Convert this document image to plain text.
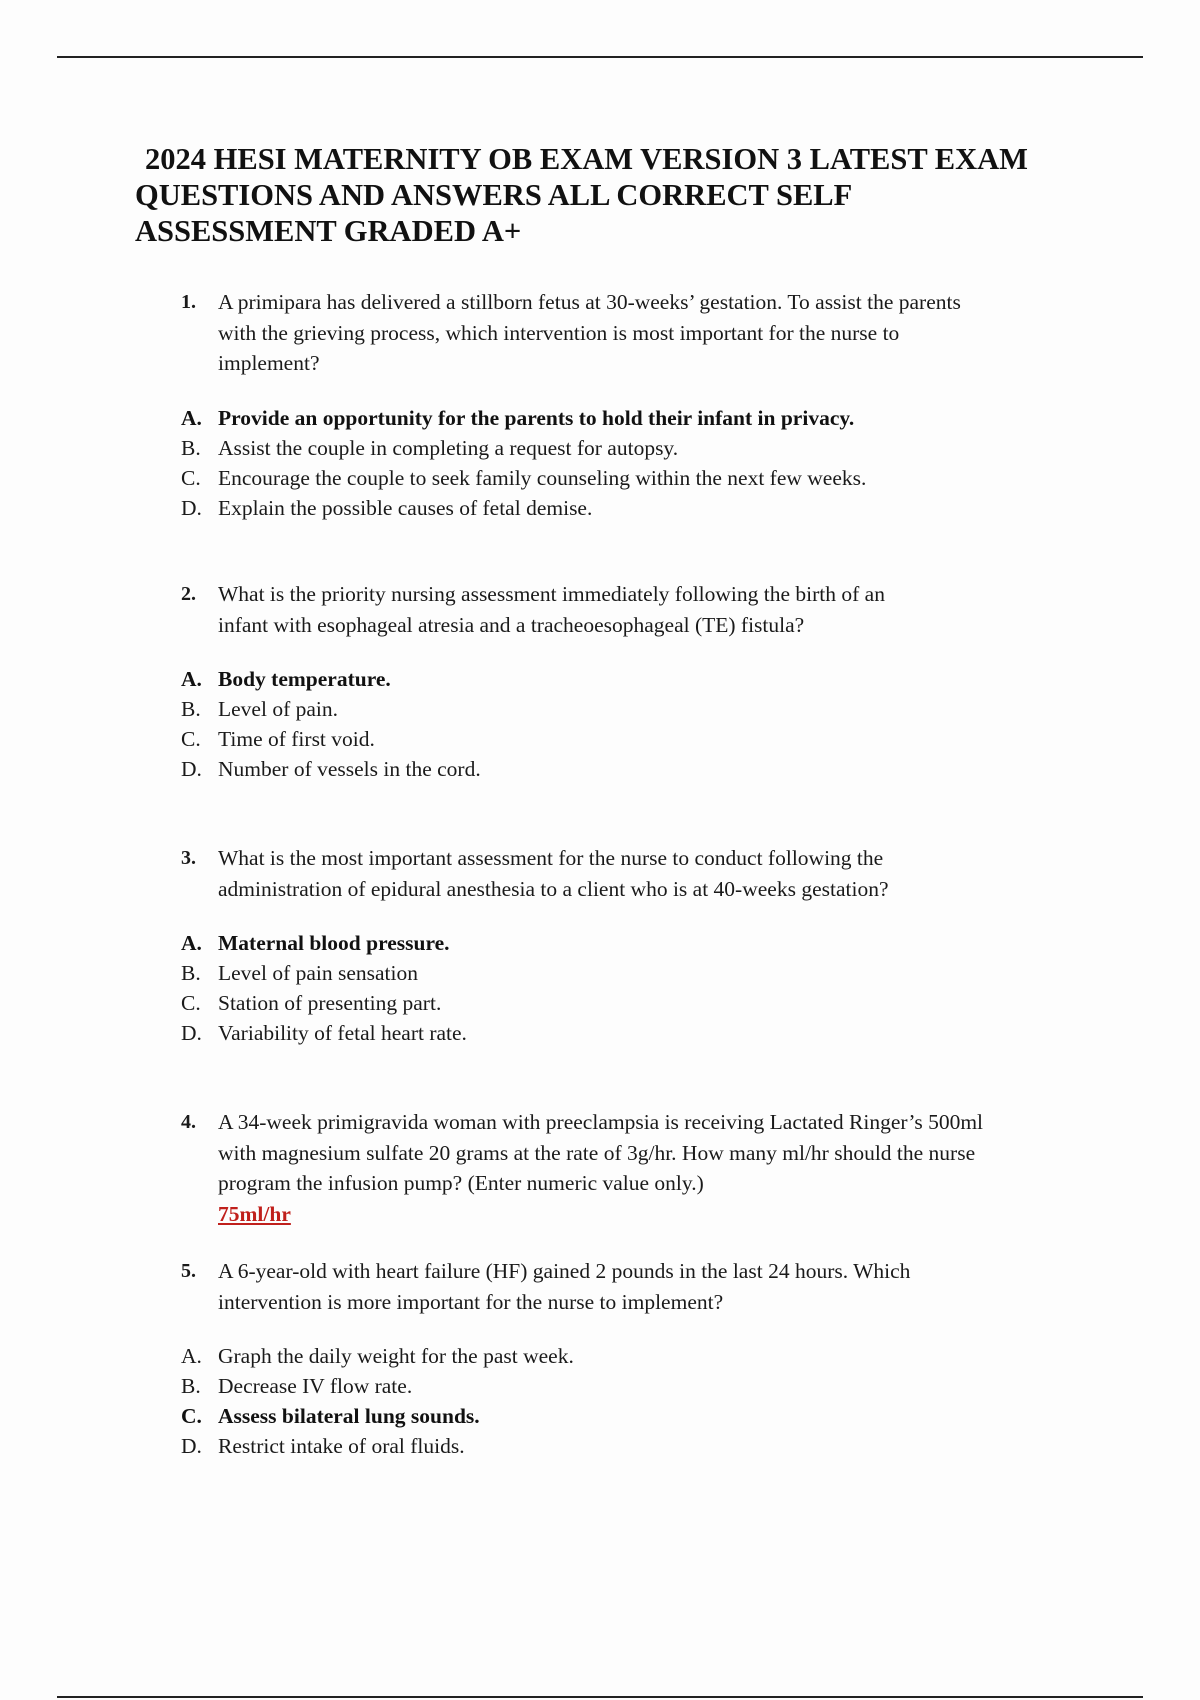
2024 HESI MATERNITY OB EXAM VERSION 3 LATEST EXAM
QUESTIONS AND ANSWERS ALL CORRECT SELF
ASSESSMENT GRADED A+
1. A primipara has delivered a stillborn fetus at 30-weeks’ gestation. To assist the parents
with the grieving process, which intervention is most important for the nurse to
implement?
A. Provide an opportunity for the parents to hold their infant in privacy.
B. Assist the couple in completing a request for autopsy.
C. Encourage the couple to seek family counseling within the next few weeks.
D. Explain the possible causes of fetal demise.
2. What is the priority nursing assessment immediately following the birth of an
infant with esophageal atresia and a tracheoesophageal (TE) fistula?
A. Body temperature.
B. Level of pain.
C. Time of first void.
D. Number of vessels in the cord.
3. What is the most important assessment for the nurse to conduct following the
administration of epidural anesthesia to a client who is at 40-weeks gestation?
A. Maternal blood pressure.
B. Level of pain sensation
C. Station of presenting part.
D. Variability of fetal heart rate.
4. A 34-week primigravida woman with preeclampsia is receiving Lactated Ringer’s 500ml
with magnesium sulfate 20 grams at the rate of 3g/hr. How many ml/hr should the nurse
program the infusion pump? (Enter numeric value only.)
75ml/hr
5. A 6-year-old with heart failure (HF) gained 2 pounds in the last 24 hours. Which
intervention is more important for the nurse to implement?
A. Graph the daily weight for the past week.
B. Decrease IV flow rate.
C. Assess bilateral lung sounds.
D. Restrict intake of oral fluids.
